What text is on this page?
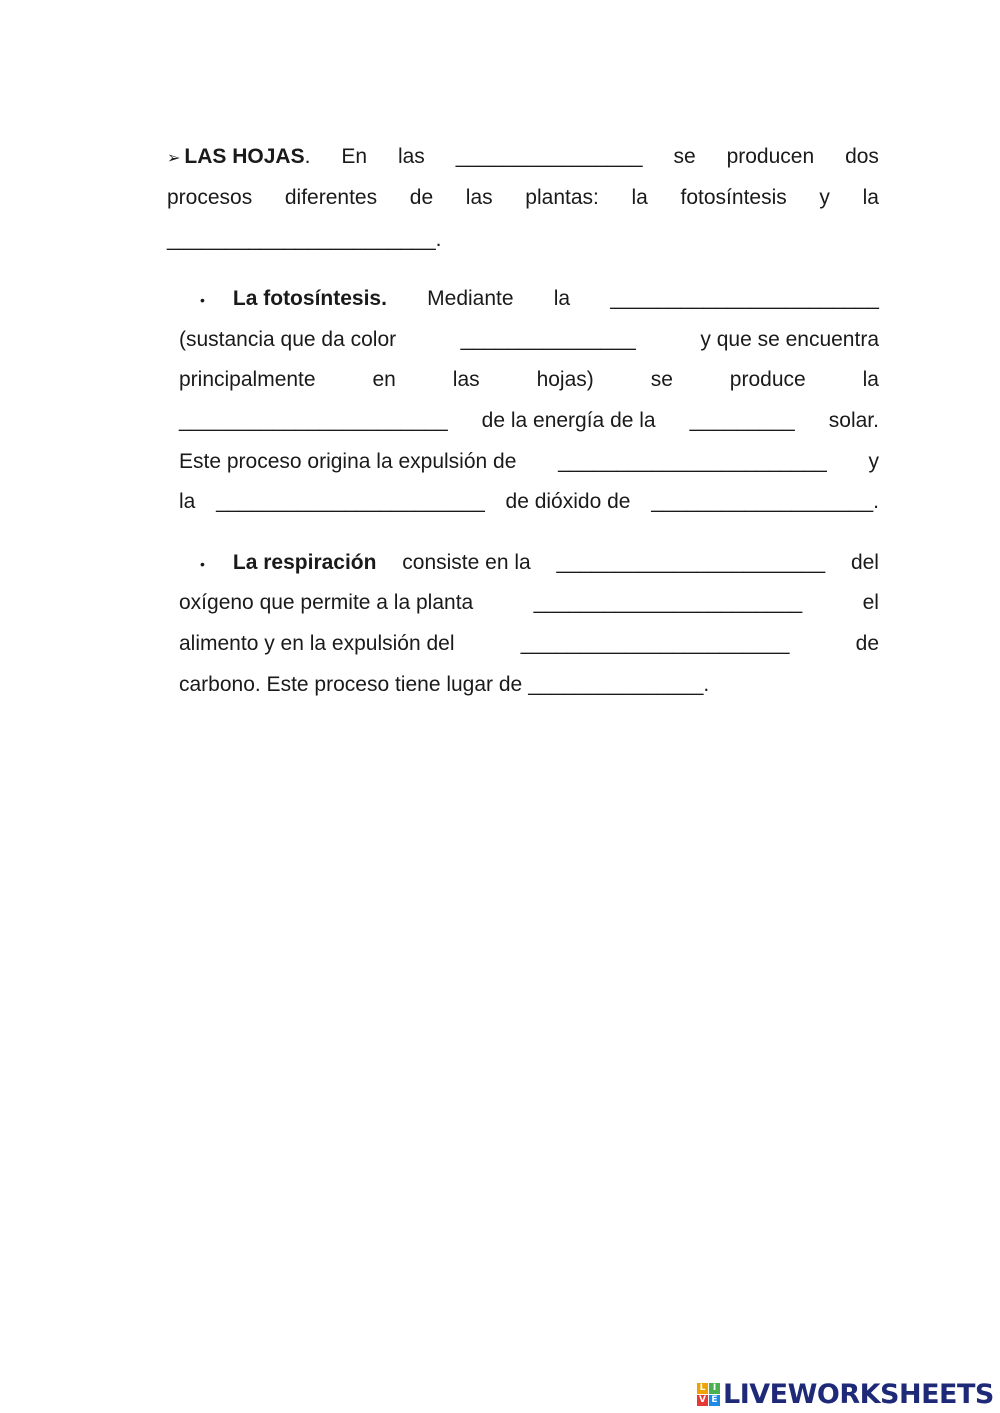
➢ LAS HOJAS. En las ________________ se producen dos
procesos diferentes de las plantas: la fotosíntesis y la
_______________________.
• La fotosíntesis. Mediante la _______________________
(sustancia que da color	_______________	y que se encuentra
principalmente	en	las	hojas)	se	produce	la
_______________________ de la energía de la _________ solar.
Este proceso origina la expulsión de _______________________ y
la _______________________ de dióxido de ___________________.
• La respiración consiste en la _______________________ del
oxígeno que permite a la planta	_______________________	el
alimento y en la expulsión del	_______________________	de
carbono. Este proceso tiene lugar de _______________.
L I
V E LIVEWORKSHEETS
